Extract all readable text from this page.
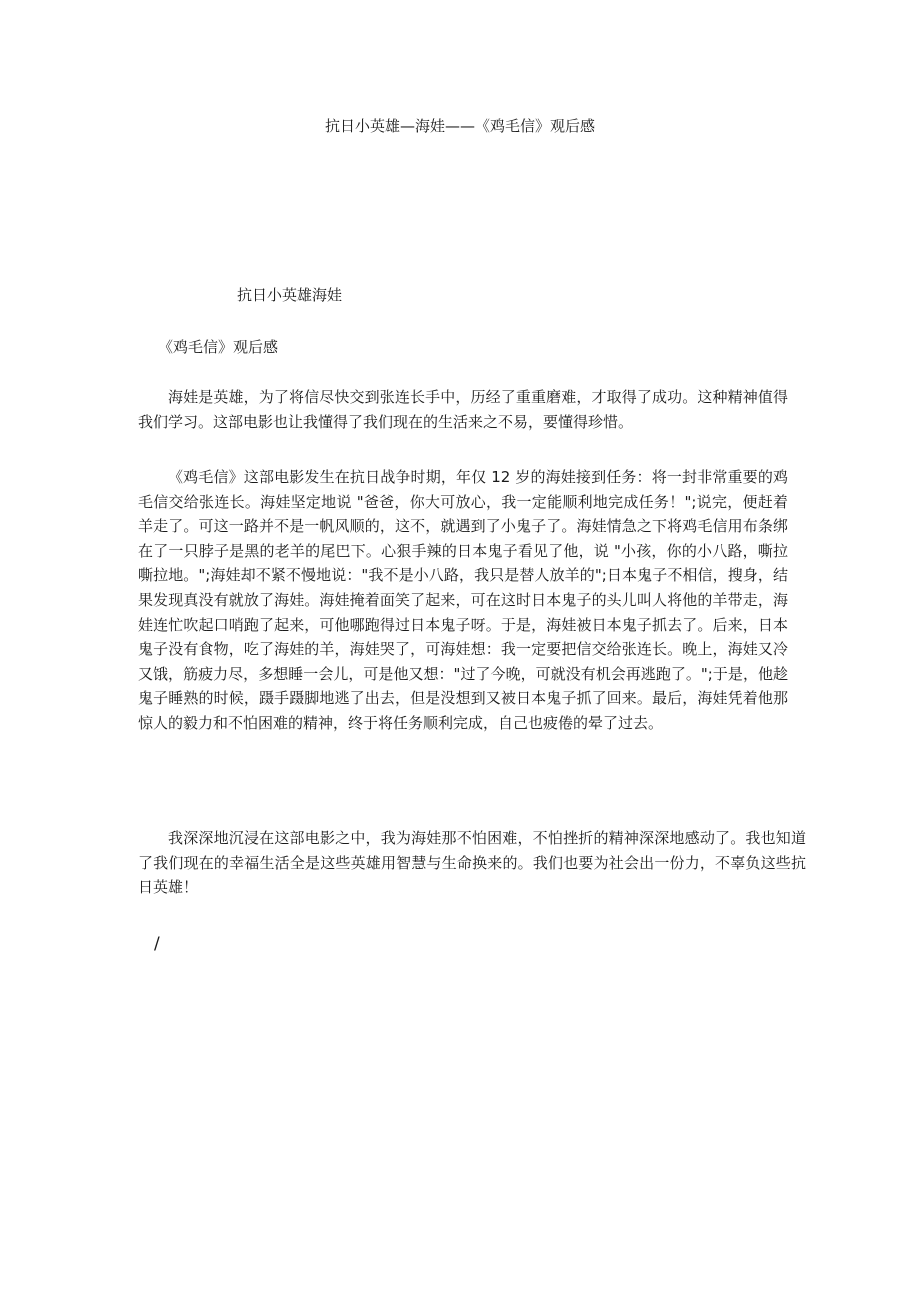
抗日小英雄—海娃——《鸡毛信》观后感
抗日小英雄海娃
《鸡毛信》观后感

海娃是英雄，为了将信尽快交到张连长手中，历经了重重磨难，才取得了成功。这种精神值得我们学习。这部电影也让我懂得了我们现在的生活来之不易，要懂得珍惜。

《鸡毛信》这部电影发生在抗日战争时期，年仅 12 岁的海娃接到任务：将一封非常重要的鸡毛信交给张连长。海娃坚定地说 "爸爸，你大可放心，我一定能顺利地完成任务！";说完，便赶着羊走了。可这一路并不是一帆风顺的，这不，就遇到了小鬼子了。海娃情急之下将鸡毛信用布条绑在了一只脖子是黑的老羊的尾巴下。心狠手辣的日本鬼子看见了他，说 "小孩，你的小八路，嘶拉嘶拉地。";海娃却不紧不慢地说："我不是小八路，我只是替人放羊的";日本鬼子不相信，搜身，结果发现真没有就放了海娃。海娃掩着面笑了起来，可在这时日本鬼子的头儿叫人将他的羊带走，海娃连忙吹起口哨跑了起来，可他哪跑得过日本鬼子呀。于是，海娃被日本鬼子抓去了。后来，日本鬼子没有食物，吃了海娃的羊，海娃哭了，可海娃想：我一定要把信交给张连长。晚上，海娃又冷又饿，筋疲力尽，多想睡一会儿，可是他又想："过了今晚，可就没有机会再逃跑了。";于是，他趁鬼子睡熟的时候，蹑手蹑脚地逃了出去，但是没想到又被日本鬼子抓了回来。最后，海娃凭着他那惊人的毅力和不怕困难的精神，终于将任务顺利完成，自己也疲倦的晕了过去。

我深深地沉浸在这部电影之中，我为海娃那不怕困难，不怕挫折的精神深深地感动了。我也知道了我们现在的幸福生活全是这些英雄用智慧与生命换来的。我们也要为社会出一份力，不辜负这些抗日英雄！

/
